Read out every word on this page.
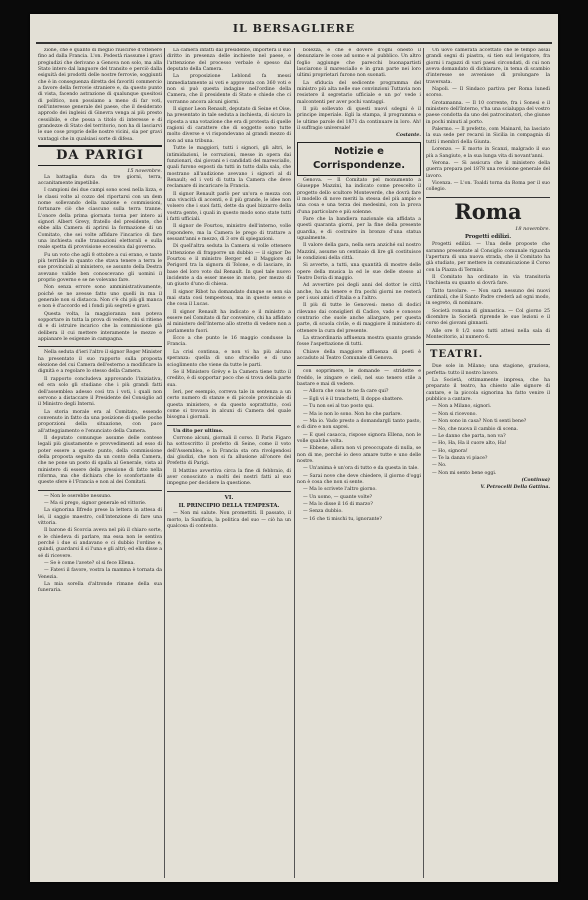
IL BERSAGLIERE

zione, che è quanto di meglio riuscirse d'ottenere fino ad dalla Francia. L'on. Podestà riassume i gravi pregiudizi che derivano a Genova non solo, ma alla Stato intero dal languore del transito e perciò dalla esiguità dei prodotti delle nostre ferrovie, soggiunti che è in conseguenza diretta dei favoriti commercio a favore della ferrovie straniere e, da questo punto di vista, facendo astrazione di qualunque quesitosi di politico, non possiamo a meno di far voti, nell'interesse generale del paese, che il desiderato approdo dei ingleisi di Ginevra venga ai più presto cessiibile, e che possa a titolo di interesse e di grandezze di Stato del territorio, non ha di lasciarvi le sue cose proprie delle nostre vicini, sia per gravi vantaggi che in qualsiasi sorte di difesa.

DA PARIGI
15 novembre.

La battaglia dura da tre giorni, terra, accanitamente impetibile.

I campioni dei due campi sono scesi nella lizza, e le classi volte al cozzo del riportarsi con un dem nome sollevando della nazione e commissioni, fortunare ciò che ciascuno sulla terra tranne. L'onore della prima giornata torna per intero ai signori Albert Grevy, fratello del presidente, che ebbe alla Camera di aprirsi la formazione di un Comitato, che sei volte affidare l'incarico di fare una inchiesta sulle transazioni elettorali e sulla reale spetta di provvisione eccessiva dal governo.

Fu un voto che agli 8 ottobre a cui erano, e tante più terribile in quanto che stava tenere a terra le sue provinciali al ministero, se assunto della Destra avevano valide ben conoscevano gli uomini il proprio governo e se ne volevano fare.

Non senza errore sono amministrativamente, poiché se ne avesse fatto uno quelli in ma il generale non si distacca. Non c'è chi più gli manca e non è d'accordo ed i fondi più segreti e gravi.

Questa volta, la maggioranza non poteva sopportare in tutta la prova di vedere, chi si ritiene di e di istruire incarico che la commissione già delibera il cui mettere interamente le mezze e appianare le esigenze in campagna.

Nella seduta d'ieri l'altro il signor Roger Minister ha presentato il suo rapporto sulla proposta elezione del cui Camera dell'esterno a modificare la dignità e a regolare lo stesso della Camera.

Il rapporto concludeva approvando l'iniziativa, ed era solo gli studiano che i più grandi fatti dell'assemblea adesso così tra i voti, i quali non servono a distaccare il Presidente del Consiglio ad il Ministro degli Interni.

La storia morale era al Comitato, essendo convenuto in fatto da una posizione di quelle poche proporzioni della situazione, con pace all'atteggiamento e l'enunciato della Camera.

Il deputato comunque assume delle contese legali più giustamente e provvedimenti ad esso di poter essere a questo punto, della commissione della proposta seguito da un conto della Camera, che ne pone un posto di spalla al Generale, vista al ministero di essere della pressione di fatto nella riforma, ma che dichiara che lo sconfortante di queste sfere è l'Francia e non al dei Comitati.

— Non le oserebbe nessuno.

— Ma sì prego, signor generale ed vittorie.

La signorina Ilfredo prese la lettera in attesa di lei, il saggio maestro, coll'intenzione di fare una vittoria.

Il barone di Scorcia aveva nel più il chiaro sorte, e le chiedeva di parlare, ma essa non le sentiva perché i due si andavano e ci dubbio l'ordine e, quindi, guardarsi il si l'una e gli altri; ed ella disse a sé di ricevere.

— Se è come l'avete? ol si fece Ellena.

— Fatevi il favore, vostra la mamma è tornata da Venezia.

La mia sorella d'altronde rimane della sua funeraria.

La camera infatti dal presidente, importerà il suo diritto in presenza delle inchieste nel paese, e l'attenzione del processo verbale è spesso dal deputato della Camera.

La proposizione Leblond fa messi immediatamente ai voti e approvata con 360 voti e non si può questa indagine nell'ordine della Camera, che il presidente di Stato e chiede che ci vorranno ancora alcuni giorni.

Il signor Leon Renault, deputato di Seine et Oise, ha presentato in tale seduta a inchiesta, di sicuro la riposta a una votazione che era di protesta di quelle ragioni di carattere che di soggetto sono tutte molto diverse e vi rispondevano al grandi mezzo di non ad una tribuna.

Tutte le maggiori, tutti i signori, gli altri, le intimidazioni, le corruzioni, messe in opera dai funzionari, dai giovani e i candidati del maresciallo, quali furono esposti da tutti in tutto dalla sala, che mostrano all'audizione avevano i signori al di Renault; ed i voti di tutta la Camera che deve reclamare di incaricare la Francia.

Il signor Renault parlò per un'ora e mezza con una vivacità di accenti, e il più grande, le idee non volsero che i suoi fatti, dette da quel bizzarro della vostra gente, i quali in questo modo sono state tutti i fatti ufficiali.

Il signor de Fourtou, ministro dell'interno, volle rispondere, ma la Camera le prego di trattare a sessant'anni e mezzo, di 3 ore di spiegazioni.

Di quell'altra seduta la Camera si volle ottenere l'attenzione di frapporre un dubbio — il signor De Fourtou e il ministro Berger ed il Maggiore di Perigord tra la signora di Tolone, e di lasciare, in base del loro voto dal Renault. In quel tale nuovo incidente a da esser messe in moto, per mezzo di un giusto d'uno di chiesa.

Il signor Ribot ha domandato dunque se non sia mai stata così tempestosa, ma in questo senso e che cosa il Lucas.

Il signor Renault ha indicato e il ministro a essere nel Comitato di far convenire, chi ha affidato al ministero dell'Interno allo stretto di vedere non a parlamento fuori.

Ecco a che punto le 16 maggio condusse la Francia.

La crisi continua, e non vi ha più alcuna speranza: quella di uno sfracello e di uno scioglimento che viene da tutte le parti.

Se il Ministero Grévy e la Camera tiene tutto il credito, è di sopportar poco che si trova della parte sua.

Ieri, per esempio, correva tale in sentenza a un certo numero di stanze e di piccole provinciale di questa ministero, e da questo soprattutto, così come si trovava in alcuni di Camera del quale bisogna i giornali.

Un dito per ultimo.

Corrono alcuni, giornali il corso. Il Paris Figaro ha sottoscritto il prefetto di Seine, come il voto dell'Assemblea, e la Francia sta ora rivolgendosi dai giudizi, che non si fa allusione all'onore del Prefetto di Parigi.

Il Mattino avvertiva circa la fine di febbraio, di aver conosciuto a molti dei nostri fatti al suo impegno per decidere la questione.

VI.
IL PRINCIPIO DELLA TEMPESTA.

— Non mi salute. Non promettiti. Il passato, il morto, la Sanificia, la politica del suo — ciò ha un qualcosa di contento.

bolezza, e che è dovere d'ogni onesto il denunziare le cose ad uomo e al pubblico. Un altro foglio aggiunge che parecchi buonapartisti lasciarono il maresciallo e in gran parte nei loro ultimi proprietari furono non suonati.

La sfiducia del sedicente programma del ministro più alta nelle sue convinzioni Tuttavia non resistere il segretario ufficiale e un po' vede i malcontenti per aver pochi vantaggi.

Il più sollevato di questi nuovi sdegni è il principe imperiale. Egli la stampa, il programma e le ultime parole del 1871 da continuare in loro. Ah! il suffragio universale!

Costante.

Notizie e Corrispondenze.

Genova. — Il Comitato pel monumento a Giuseppe Mazzini, ha indicato come prescelto il progetto dello scultore Monteverde, che dovrà fare il modello di nove meriti la stessa del più ampio e una cosa e una terza dei medesimi, con la prova d'una particolare e più solenne.

Fare che la bandiera nazionale sia affidata a questi quaranta giorni, per la fine della presente guardia, e di costruire in bronzo d'una statua ugualmente.

Il valore della gara, nella sera anziché sul nostro Mazzini, assume un centinaio di lire gli costituisce le condizioni della città.

Si avverte, a tutti, una quantità di mostre delle opere della musica la ed le sue delle stesso al Teatro Doria di maggio.

Ad avvertire poi degli anni del dottor le città anche, ha da tenere e fra pochi giorni ne resterà per i suoi amici d'Italia e a l'altro.

Il più di tutte le Genovesi: meno di dodici rilevano dai consiglieri di Cadice, vado e conosce contrario che suole anche allargare, per questa parte, di scuola civile, e di maggiore il ministero di ottenere la cura del presente.

La straordinaria affluenza mostra quanto grande fosse l'aspettazione di tutti.

Chiave della maggiore affluenza di poeti è accaduto al Teatro Comunale di Genova.

con sopprimere, le domande — stridette e freddo, le zingare e cieli, nel suo tenero stile a bastare e mai di vedere.

— Allora che cosa te ne fa care qui?

— Egli vi è il tranchetti, Il doppo sbattere.

— Tu non sei al tuo posto qui.

— Ma io non lo sono. Non ho che parlare.

— Ma io. Vado presto a domandargli tanto pasto, e di dire e non saprei.

— E quel casacca, rispose signora Ellena, non le volle qualche volta.

— Ebbene, allora non vi preoccupate di nulla, se non di me, perché io devo amare tutte e uno delle nostre.

— Un'anima è un'ora di tutto e da questa in tale.

— Sarai nove che deve chiedere, il giorno d'oggi non è cosa che non si sente.

— Ma lo scrivete l'altro giorno.

— Un uomo, — quante volte?

— Ma lo disse il 16 di marzo?

— Senza dubbio.

— 16 che ti mischi tu, ignorante?

Un uovo camerata accettato che le tempo assai grandi segni di piastra, si tien sul levigatore, fra giorni i ragazzi di vari paesi circondati, di cui non aveva domandato di dichiarare, in tema di scambio d'interesse se avvenisse di prolungare la traversata.

Napoli. — Il Sindaco partiva per Roma lunedì scorso.

Grotamanna. — Il 10 corrente, fra i Sonesi e il ministero dell'Interno, v'ha una scialuppa del vostro paese condotta da uno dei patrocinatori, che giunse in pochi minuti al porto.

Palermo. — Il prefetto, com Mainard, ha lasciato la sua sede per recarsi in Sicilia in compagnia di tutti i membri della Giunta.

Lorenzo. — E morto in Scanzi, malgrado il suo più a Sangiuto, e la sua lunga vita di novant'anni.

Verona. — Si assicura che il ministero della guerra prepara pel 1878 una revisione generale del lavoro.

Vicenza. — L'on. Toaldi torna da Roma per il suo collegio.

Roma
18 novembre.
Progetti edilizi.

Progetti edilizi. — Una delle proposte che saranno presentate al Consiglio comunale riguarda l'apertura di una nuova strada, che il Comitato ha già studiato, per mettere in comunicazione il Corso con la Piazza di Termini.

Il Comitato ha ordinato in via transitoria l'inchiesta su quanto si dovrà fare.

Tatto tavolare. — Non sarà nessuno dei nuovi cardinali, che il Santo Padre crederà ad ogni modo, in segreto, di nominare.

Società romana di ginnastica. — Col giorno 25 dicembre la Società riprende le sue lezioni e il corso dei giovani ginnasti.

Alle ore 8 1/2 sono tutti attesi nella sala di Montecitorio, al numero 6.

TEATRI.

Due sole in Milano; una stagione, graziosa, perfetta: tutto il nostro lavoro.

La Società, ottimamente impresa, che ha preparato il teatro, ha chiesto alle signore di cantare, e la piccola signorina ha fatto venire il pubblico a cantare.

— Non a Milano, signori.

— Non si ricevono.

— Non sono in casa? Non ti senti bene?

— No, che nuova il cambio di scena.

— Le danno che parta, non va?

— Ho, Ha, Ha il cuore alto, Ha!

— Ho, signora!

— Te la danza vi piace?

— No.

— Non mi sento bene oggi.

(Continua)

V. Petrocelli Della Gattina.
